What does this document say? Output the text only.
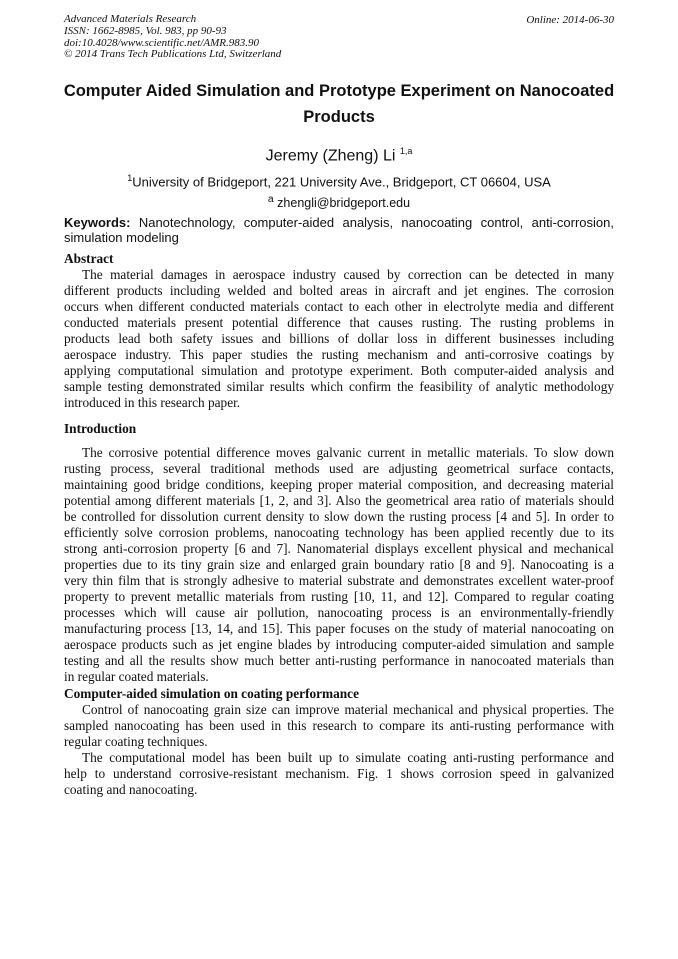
Advanced Materials Research
ISSN: 1662-8985, Vol. 983, pp 90-93
doi:10.4028/www.scientific.net/AMR.983.90
© 2014 Trans Tech Publications Ltd, Switzerland
Online: 2014-06-30
Computer Aided Simulation and Prototype Experiment on Nanocoated
Products
Jeremy (Zheng) Li $^{1,a}$
$^1$University of Bridgeport, 221 University Ave., Bridgeport, CT 06604, USA
$^a$ zhengli@bridgeport.edu
Keywords: Nanotechnology, computer-aided analysis, nanocoating control, anti-corrosion,
simulation modeling
Abstract
The material damages in aerospace industry caused by correction can be detected in many
different products including welded and bolted areas in aircraft and jet engines. The corrosion
occurs when different conducted materials contact to each other in electrolyte media and different
conducted materials present potential difference that causes rusting. The rusting problems in
products lead both safety issues and billions of dollar loss in different businesses including
aerospace industry. This paper studies the rusting mechanism and anti-corrosive coatings by
applying computational simulation and prototype experiment. Both computer-aided analysis and
sample testing demonstrated similar results which confirm the feasibility of analytic methodology
introduced in this research paper.
Introduction
The corrosive potential difference moves galvanic current in metallic materials. To slow down
rusting process, several traditional methods used are adjusting geometrical surface contacts,
maintaining good bridge conditions, keeping proper material composition, and decreasing material
potential among different materials [1, 2, and 3]. Also the geometrical area ratio of materials should
be controlled for dissolution current density to slow down the rusting process [4 and 5]. In order to
efficiently solve corrosion problems, nanocoating technology has been applied recently due to its
strong anti-corrosion property [6 and 7]. Nanomaterial displays excellent physical and mechanical
properties due to its tiny grain size and enlarged grain boundary ratio [8 and 9]. Nanocoating is a
very thin film that is strongly adhesive to material substrate and demonstrates excellent water-proof
property to prevent metallic materials from rusting [10, 11, and 12]. Compared to regular coating
processes which will cause air pollution, nanocoating process is an environmentally-friendly
manufacturing process [13, 14, and 15]. This paper focuses on the study of material nanocoating on
aerospace products such as jet engine blades by introducing computer-aided simulation and sample
testing and all the results show much better anti-rusting performance in nanocoated materials than
in regular coated materials.
Computer-aided simulation on coating performance
Control of nanocoating grain size can improve material mechanical and physical properties. The
sampled nanocoating has been used in this research to compare its anti-rusting performance with
regular coating techniques.
The computational model has been built up to simulate coating anti-rusting performance and
help to understand corrosive-resistant mechanism. Fig. 1 shows corrosion speed in galvanized
coating and nanocoating.
